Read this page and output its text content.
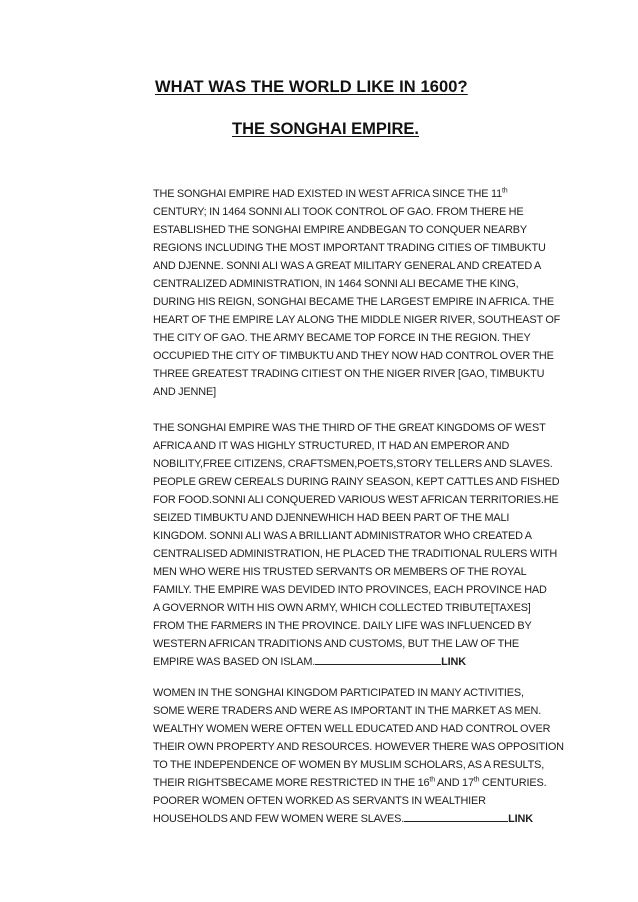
WHAT WAS THE WORLD LIKE IN 1600?
THE SONGHAI EMPIRE.
THE SONGHAI EMPIRE HAD EXISTED IN WEST AFRICA SINCE THE 11th
CENTURY; IN 1464 SONNI ALI TOOK CONTROL OF GAO. FROM THERE HE
ESTABLISHED THE SONGHAI EMPIRE ANDBEGAN TO CONQUER NEARBY
REGIONS INCLUDING THE MOST IMPORTANT TRADING CITIES OF TIMBUKTU
AND DJENNE. SONNI ALI WAS A GREAT MILITARY GENERAL AND CREATED A
CENTRALIZED ADMINISTRATION, IN 1464 SONNI ALI BECAME THE KING,
DURING HIS REIGN, SONGHAI BECAME THE LARGEST EMPIRE IN AFRICA. THE
HEART OF THE EMPIRE LAY ALONG THE MIDDLE NIGER RIVER, SOUTHEAST OF
THE CITY OF GAO. THE ARMY BECAME TOP FORCE IN THE REGION. THEY
OCCUPIED THE CITY OF TIMBUKTU AND THEY NOW HAD CONTROL OVER THE
THREE GREATEST TRADING CITIEST ON THE NIGER RIVER [GAO, TIMBUKTU
AND JENNE]
THE SONGHAI EMPIRE WAS THE THIRD OF THE GREAT KINGDOMS OF WEST
AFRICA AND IT WAS HIGHLY STRUCTURED, IT HAD AN EMPEROR AND
NOBILITY,FREE CITIZENS, CRAFTSMEN,POETS,STORY TELLERS AND SLAVES.
PEOPLE GREW CEREALS DURING RAINY SEASON, KEPT CATTLES AND FISHED
FOR FOOD.SONNI ALI CONQUERED VARIOUS WEST AFRICAN TERRITORIES.HE
SEIZED TIMBUKTU AND DJENNEWHICH HAD BEEN PART OF THE MALI
KINGDOM. SONNI ALI WAS A BRILLIANT ADMINISTRATOR WHO CREATED A
CENTRALISED ADMINISTRATION, HE PLACED THE TRADITIONAL RULERS WITH
MEN WHO WERE HIS TRUSTED SERVANTS OR MEMBERS OF THE ROYAL
FAMILY. THE EMPIRE WAS DEVIDED INTO PROVINCES, EACH PROVINCE HAD
A GOVERNOR WITH HIS OWN ARMY, WHICH COLLECTED TRIBUTE[TAXES]
FROM THE FARMERS IN THE PROVINCE. DAILY LIFE WAS INFLUENCED BY
WESTERN AFRICAN TRADITIONS AND CUSTOMS, BUT THE LAW OF THE
EMPIRE WAS BASED ON ISLAM.	LINK
WOMEN IN THE SONGHAI KINGDOM PARTICIPATED IN MANY ACTIVITIES,
SOME WERE TRADERS AND WERE AS IMPORTANT IN THE MARKET AS MEN.
WEALTHY WOMEN WERE OFTEN WELL EDUCATED AND HAD CONTROL OVER
THEIR OWN PROPERTY AND RESOURCES. HOWEVER THERE WAS OPPOSITION
TO THE INDEPENDENCE OF WOMEN BY MUSLIM SCHOLARS, AS A RESULTS,
THEIR RIGHTSBECAME MORE RESTRICTED IN THE 16th AND 17th CENTURIES.
POORER WOMEN OFTEN WORKED AS SERVANTS IN WEALTHIER
HOUSEHOLDS AND FEW WOMEN WERE SLAVES.	LINK
